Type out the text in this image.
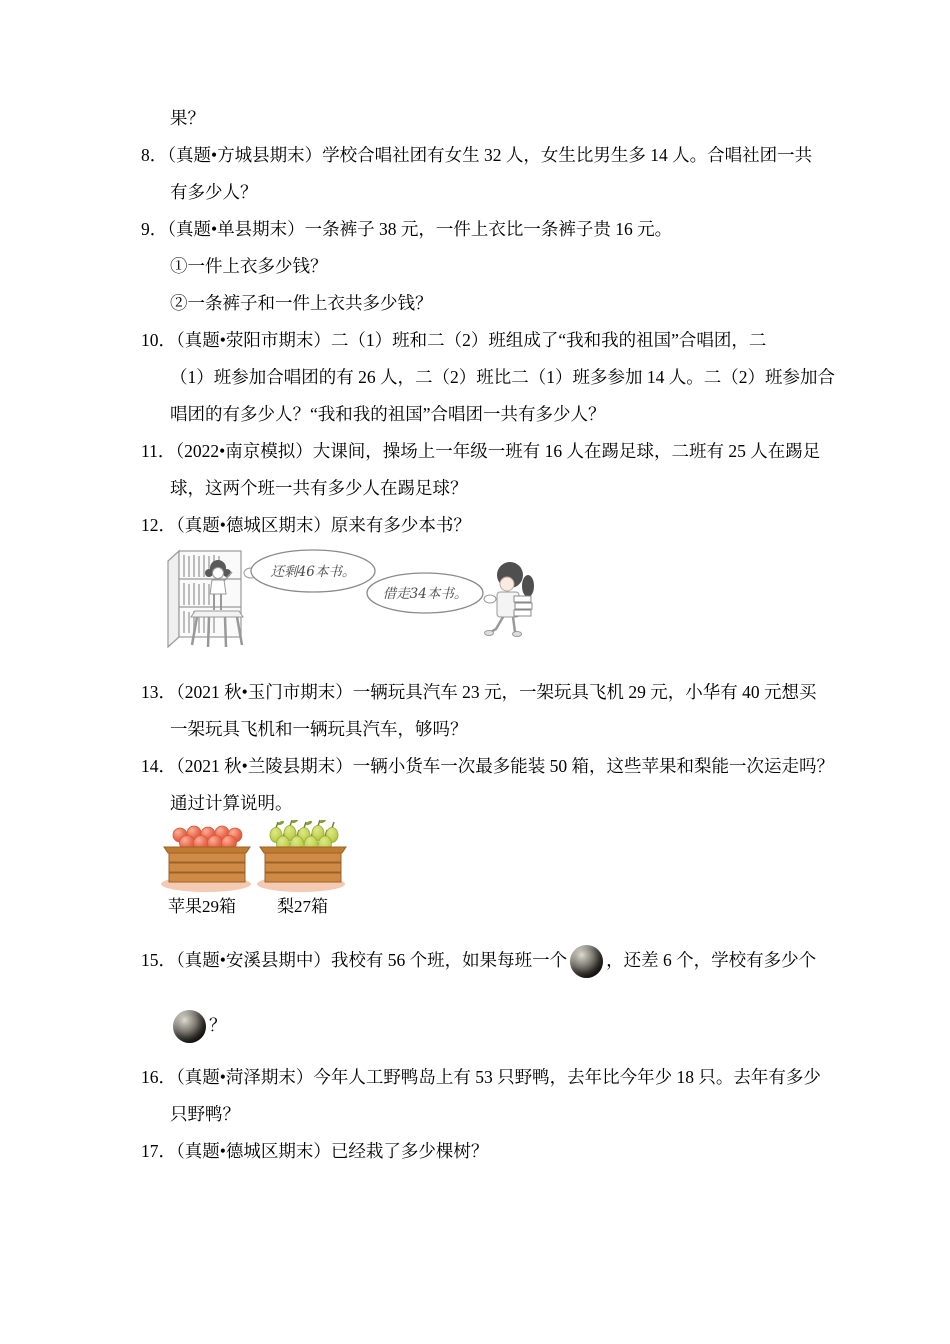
果？
8．（真题•方城县期末）学校合唱社团有女生 32 人，女生比男生多 14 人。合唱社团一共
有多少人？
9．（真题•单县期末）一条裤子 38 元，一件上衣比一条裤子贵 16 元。
①一件上衣多少钱？
②一条裤子和一件上衣共多少钱？
10．（真题•荥阳市期末）二（1）班和二（2）班组成了“我和我的祖国”合唱团，二
（1）班参加合唱团的有 26 人，二（2）班比二（1）班多参加 14 人。二（2）班参加合
唱团的有多少人？“我和我的祖国”合唱团一共有多少人？
11．（2022•南京模拟）大课间，操场上一年级一班有 16 人在踢足球，二班有 25 人在踢足
球，这两个班一共有多少人在踢足球？
12．（真题•德城区期末）原来有多少本书？
还剩46本书。
借走34本书。
13．（2021 秋•玉门市期末）一辆玩具汽车 23 元，一架玩具飞机 29 元，小华有 40 元想买
一架玩具飞机和一辆玩具汽车，够吗？
14．（2021 秋•兰陵县期末）一辆小货车一次最多能装 50 箱，这些苹果和梨能一次运走吗？
通过计算说明。
苹果29箱 梨27箱
15．（真题•安溪县期中）我校有 56 个班，如果每班一个 ，还差 6 个，学校有多少个
？
16．（真题•菏泽期末）今年人工野鸭岛上有 53 只野鸭，去年比今年少 18 只。去年有多少
只野鸭？
17．（真题•德城区期末）已经栽了多少棵树？
